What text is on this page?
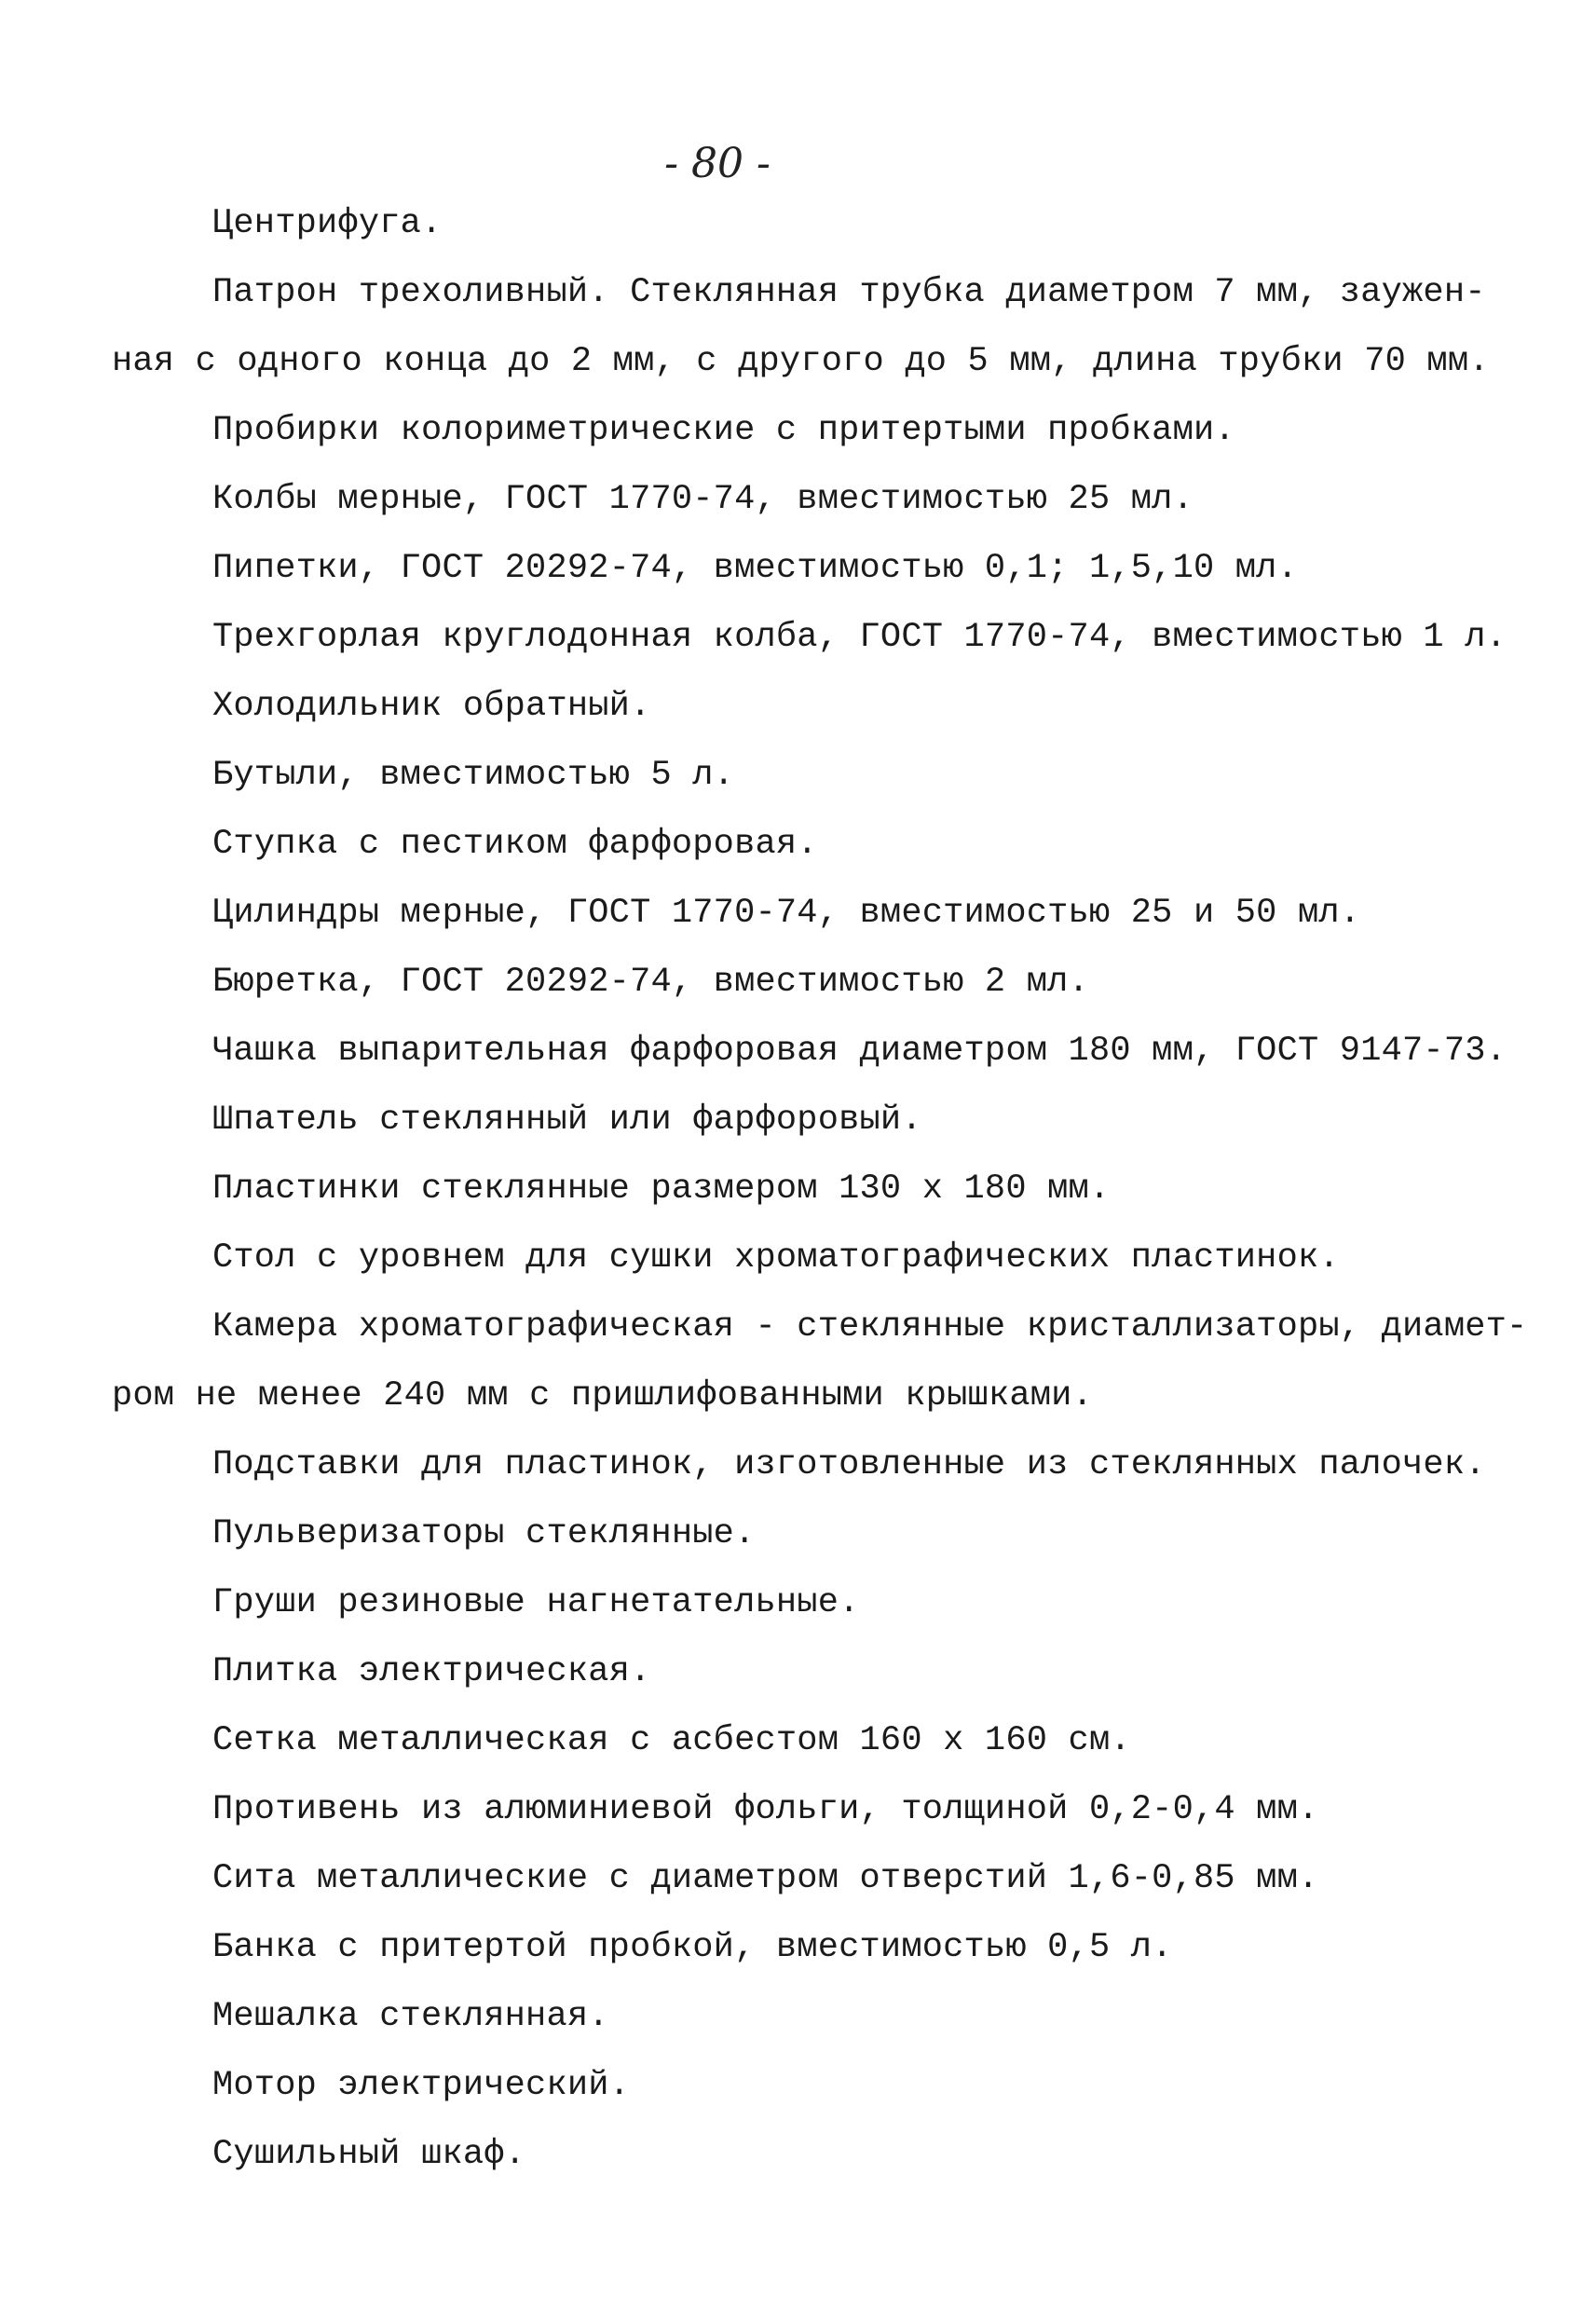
- 80 -
Центрифуга.
Патрон трехоливный. Стеклянная трубка диаметром 7 мм, заужен-
ная с одного конца до 2 мм, с другого до 5 мм, длина трубки 70 мм.
Пробирки колориметрические с притертыми пробками.
Колбы мерные, ГОСТ 1770-74, вместимостью 25 мл.
Пипетки, ГОСТ 20292-74, вместимостью 0,1; 1,5,10 мл.
Трехгорлая круглодонная колба, ГОСТ 1770-74, вместимостью 1 л.
Холодильник обратный.
Бутыли, вместимостью 5 л.
Ступка с пестиком фарфоровая.
Цилиндры мерные, ГОСТ 1770-74, вместимостью 25 и 50 мл.
Бюретка, ГОСТ 20292-74, вместимостью 2 мл.
Чашка выпарительная фарфоровая диаметром 180 мм, ГОСТ 9147-73.
Шпатель стеклянный или фарфоровый.
Пластинки стеклянные размером 130 x 180 мм.
Стол с уровнем для сушки хроматографических пластинок.
Камера хроматографическая - стеклянные кристаллизаторы, диамет-
ром не менее 240 мм с пришлифованными крышками.
Подставки для пластинок, изготовленные из стеклянных палочек.
Пульверизаторы стеклянные.
Груши резиновые нагнетательные.
Плитка электрическая.
Сетка металлическая с асбестом 160 x 160 см.
Противень из алюминиевой фольги, толщиной 0,2-0,4 мм.
Сита металлические с диаметром отверстий 1,6-0,85 мм.
Банка с притертой пробкой, вместимостью 0,5 л.
Мешалка стеклянная.
Мотор электрический.
Сушильный шкаф.
